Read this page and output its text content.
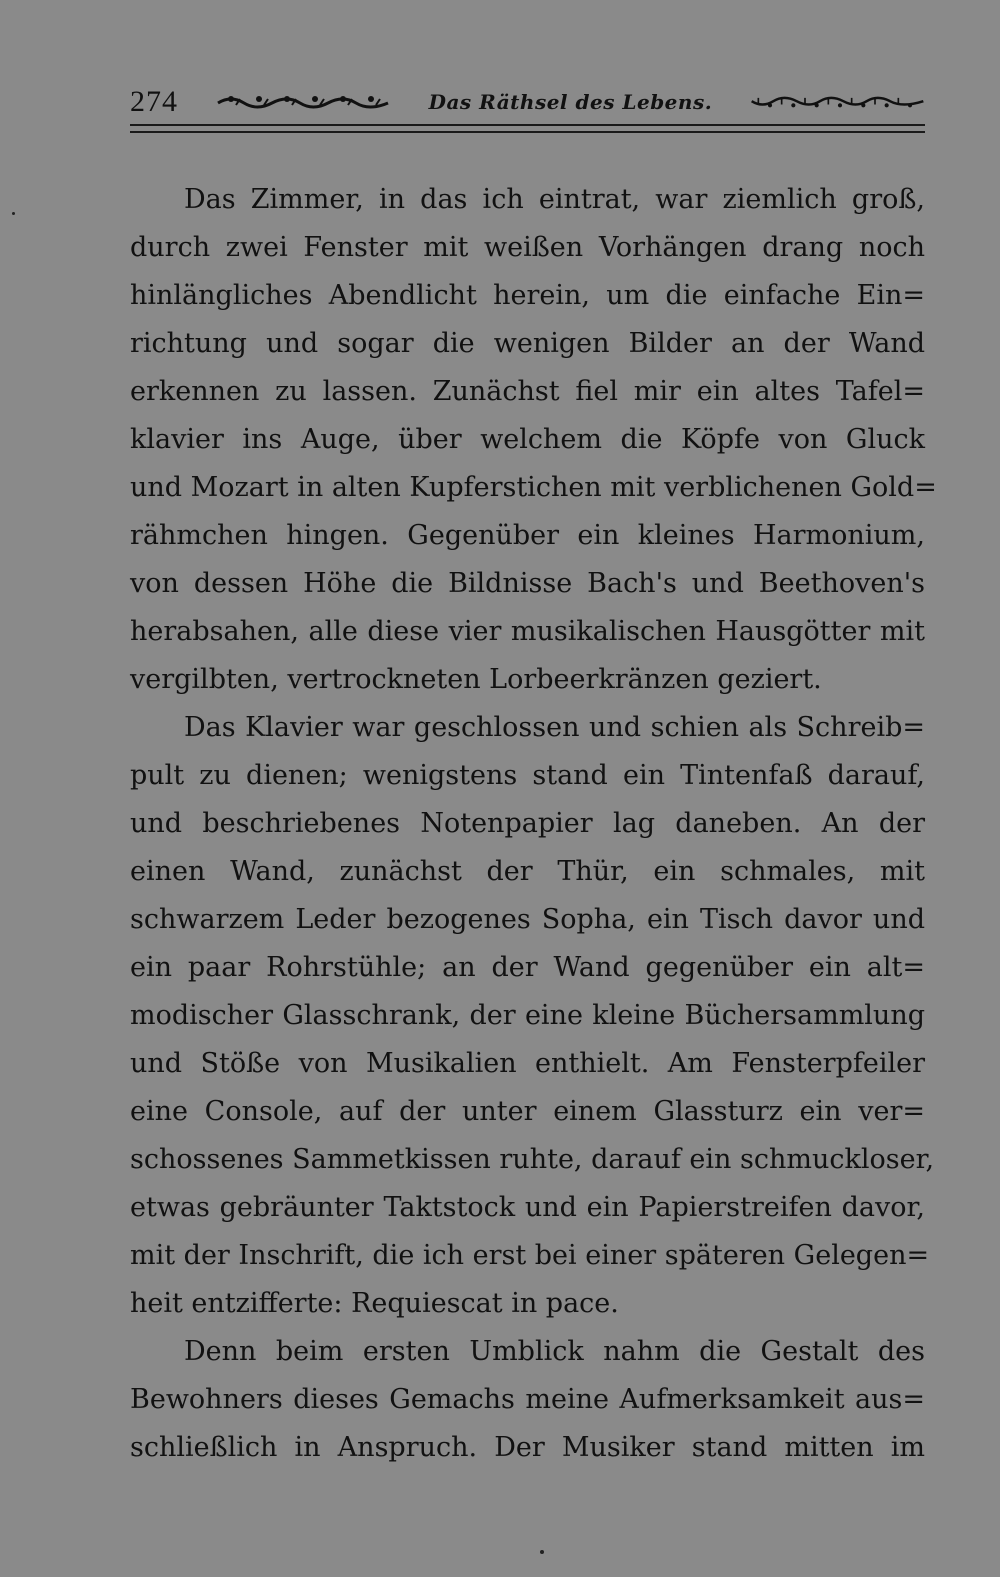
274	Das Räthsel des Lebens.
Das Zimmer, in das ich eintrat, war ziemlich groß,
durch zwei Fenster mit weißen Vorhängen drang noch
hinlängliches Abendlicht herein, um die einfache Ein=
richtung und sogar die wenigen Bilder an der Wand
erkennen zu lassen. Zunächst fiel mir ein altes Tafel=
klavier ins Auge, über welchem die Köpfe von Gluck
und Mozart in alten Kupferstichen mit verblichenen Gold=
rähmchen hingen. Gegenüber ein kleines Harmonium,
von dessen Höhe die Bildnisse Bach's und Beethoven's
herabsahen, alle diese vier musikalischen Hausgötter mit
vergilbten, vertrockneten Lorbeerkränzen geziert.
Das Klavier war geschlossen und schien als Schreib=
pult zu dienen; wenigstens stand ein Tintenfaß darauf,
und beschriebenes Notenpapier lag daneben. An der
einen Wand, zunächst der Thür, ein schmales, mit
schwarzem Leder bezogenes Sopha, ein Tisch davor und
ein paar Rohrstühle; an der Wand gegenüber ein alt=
modischer Glasschrank, der eine kleine Büchersammlung
und Stöße von Musikalien enthielt. Am Fensterpfeiler
eine Console, auf der unter einem Glassturz ein ver=
schossenes Sammetkissen ruhte, darauf ein schmuckloser,
etwas gebräunter Taktstock und ein Papierstreifen davor,
mit der Inschrift, die ich erst bei einer späteren Gelegen=
heit entzifferte: Requiescat in pace.
Denn beim ersten Umblick nahm die Gestalt des
Bewohners dieses Gemachs meine Aufmerksamkeit aus=
schließlich in Anspruch. Der Musiker stand mitten im
